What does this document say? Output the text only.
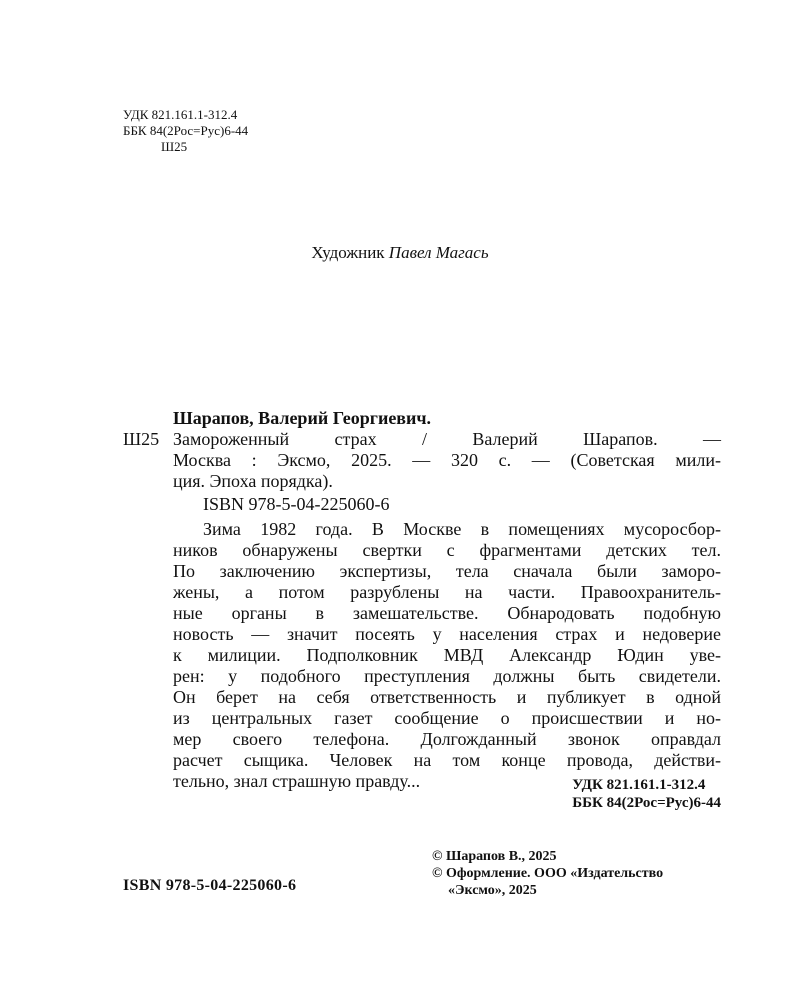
УДК 821.161.1-312.4
ББК 84(2Рос=Рус)6-44
Ш25
Художник Павел Магась
Шарапов, Валерий Георгиевич.
Ш25 Замороженный страх / Валерий Шарапов. —
Москва : Эксмо, 2025. — 320 с. — (Советская мили-
ция. Эпоха порядка).
ISBN 978-5-04-225060-6
Зима 1982 года. В Москве в помещениях мусоросбор-
ников обнаружены свертки с фрагментами детских тел.
По заключению экспертизы, тела сначала были заморо-
жены, а потом разрублены на части. Правоохранитель-
ные органы в замешательстве. Обнародовать подобную
новость — значит посеять у населения страх и недоверие
к милиции. Подполковник МВД Александр Юдин уве-
рен: у подобного преступления должны быть свидетели.
Он берет на себя ответственность и публикует в одной
из центральных газет сообщение о происшествии и но-
мер своего телефона. Долгожданный звонок оправдал
расчет сыщика. Человек на том конце провода, действи-
тельно, знал страшную правду...	УДК 821.161.1-312.4
ББК 84(2Рос=Рус)6-44
© Шарапов В., 2025
© Оформление. ООО «Издательство
«Эксмо», 2025
ISBN 978-5-04-225060-6
